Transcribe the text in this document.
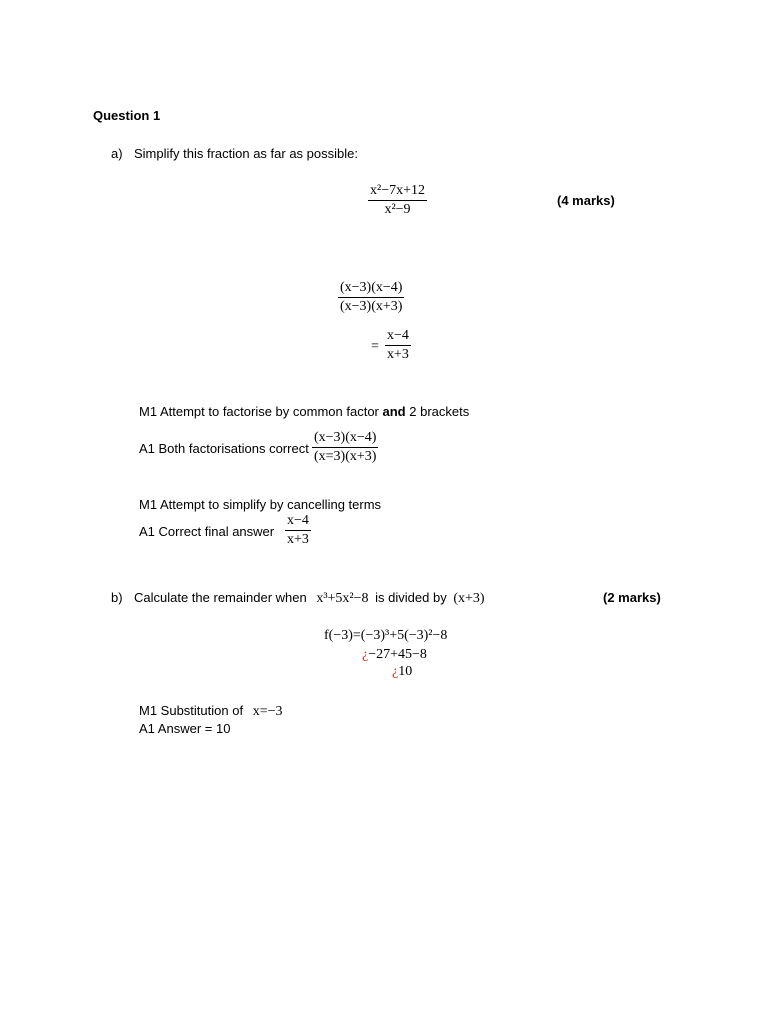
Question 1
a) Simplify this fraction as far as possible:
x²−7x+12
x²−9
(4 marks)
(x−3)(x−4)
(x−3)(x+3)
=
x−4
x+3
M1 Attempt to factorise by common factor and 2 brackets
A1 Both factorisations correct
(x−3)(x−4)
(x=3)(x+3)
M1 Attempt to simplify by cancelling terms
A1 Correct final answer
x−4
x+3
b) Calculate the remainder when x³+5x²−8 is divided by (x+3)	(2 marks)
f(−3)=(−3)³+5(−3)²−8
¿−27+45−8
¿10
M1 Substitution of x=−3
A1 Answer = 10
